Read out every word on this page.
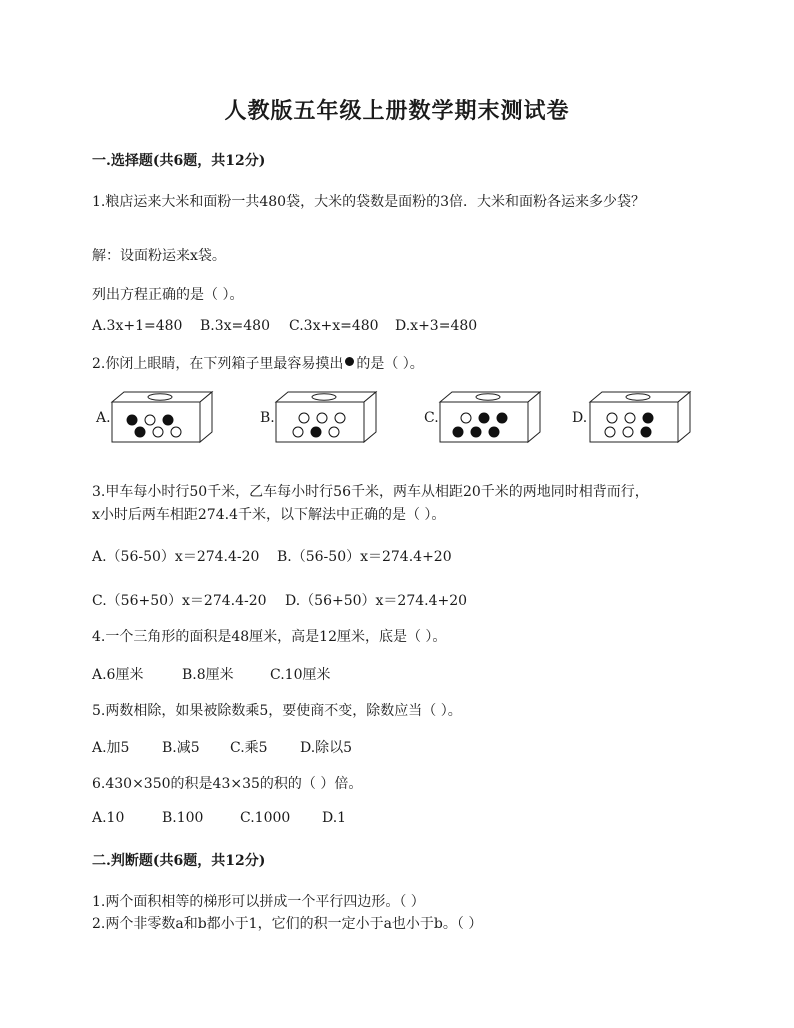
人教版五年级上册数学期末测试卷
一.选择题(共6题，共12分)
1.粮店运来大米和面粉一共480袋，大米的袋数是面粉的3倍．大米和面粉各运来多少袋？
解：设面粉运来x袋。
列出方程正确的是（ ）。
A.3x+1=480 B.3x=480 C.3x+x=480 D.x+3=480
2.你闭上眼睛，在下列箱子里最容易摸出 的是（ ）。
A.	B.	C.	D.
3.甲车每小时行50千米，乙车每小时行56千米，两车从相距20千米的两地同时相背而行，
x小时后两车相距274.4千米，以下解法中正确的是（ ）。
A.（56-50）x＝274.4-20 B.（56-50）x＝274.4+20
C.（56+50）x＝274.4-20 D.（56+50）x＝274.4+20
4.一个三角形的面积是48厘米，高是12厘米，底是（ ）。
A.6厘米	B.8厘米	C.10厘米
5.两数相除，如果被除数乘5，要使商不变，除数应当（ ）。
A.加5 B.减5 C.乘5 D.除以5
6.430×350的积是43×35的积的（ ）倍。
A.10	B.100	C.1000 D.1
二.判断题(共6题，共12分)
1.两个面积相等的梯形可以拼成一个平行四边形。（ ）
2.两个非零数a和b都小于1，它们的积一定小于a也小于b。（ ）
